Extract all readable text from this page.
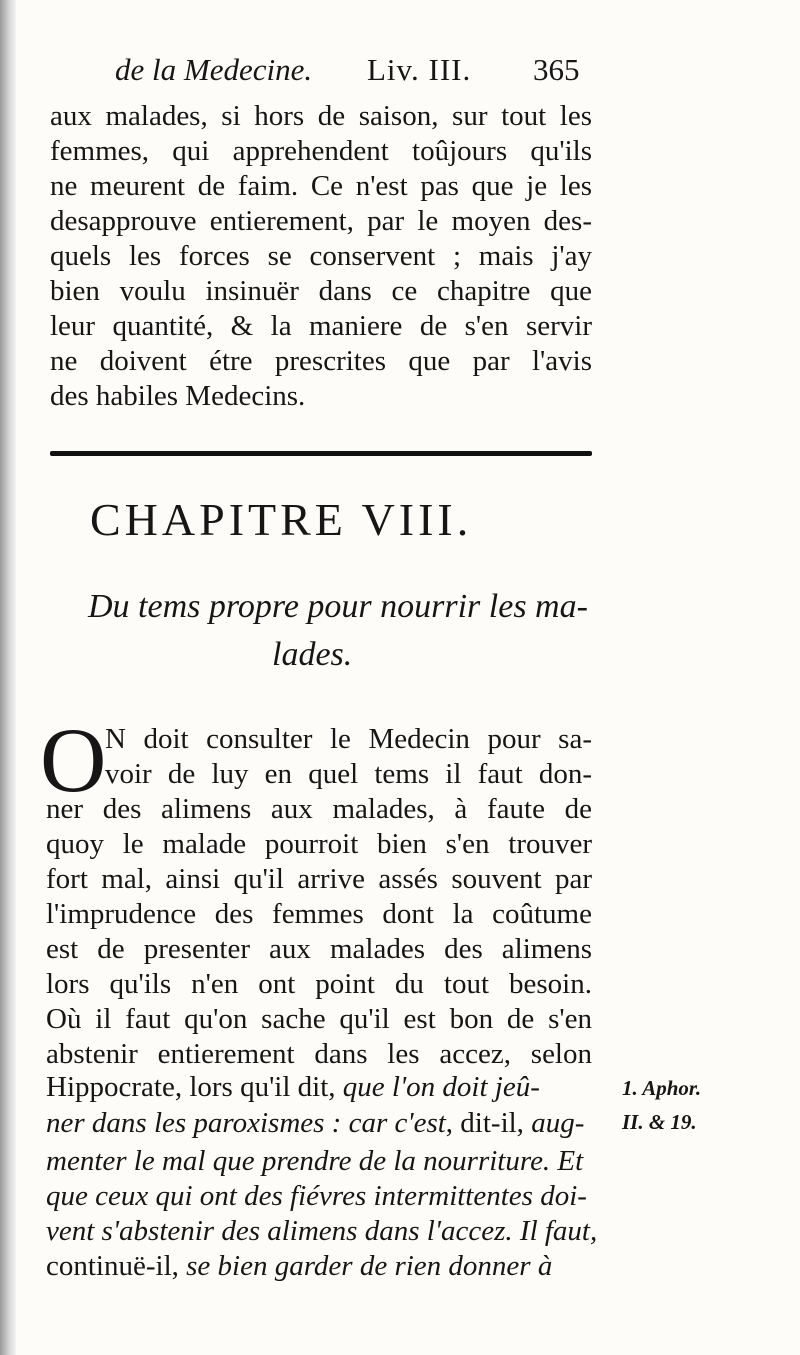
de la Medecine. Liv. III. 365
aux malades, si hors de saison, sur tout les
femmes, qui apprehendent toûjours qu'ils
ne meurent de faim. Ce n'est pas que je les
desapprouve entierement, par le moyen des-
quels les forces se conservent ; mais j'ay
bien voulu insinuër dans ce chapitre que
leur quantité, & la maniere de s'en servir
ne doivent étre prescrites que par l'avis
des habiles Medecins.
CHAPITRE VIII.
Du tems propre pour nourrir les ma-
lades.
O
N doit consulter le Medecin pour sa-
voir de luy en quel tems il faut don-
ner des alimens aux malades, à faute de
quoy le malade pourroit bien s'en trouver
fort mal, ainsi qu'il arrive assés souvent par
l'imprudence des femmes dont la coûtume
est de presenter aux malades des alimens
lors qu'ils n'en ont point du tout besoin.
Où il faut qu'on sache qu'il est bon de s'en
abstenir entierement dans les accez, selon
Hippocrate, lors qu'il dit, que l'on doit jeû-
ner dans les paroxismes : car c'est, dit-il, aug-
menter le mal que prendre de la nourriture. Et
que ceux qui ont des fiévres intermittentes doi-
vent s'abstenir des alimens dans l'accez. Il faut,
continuë-il, se bien garder de rien donner à
1. Aphor.
II. & 19.
